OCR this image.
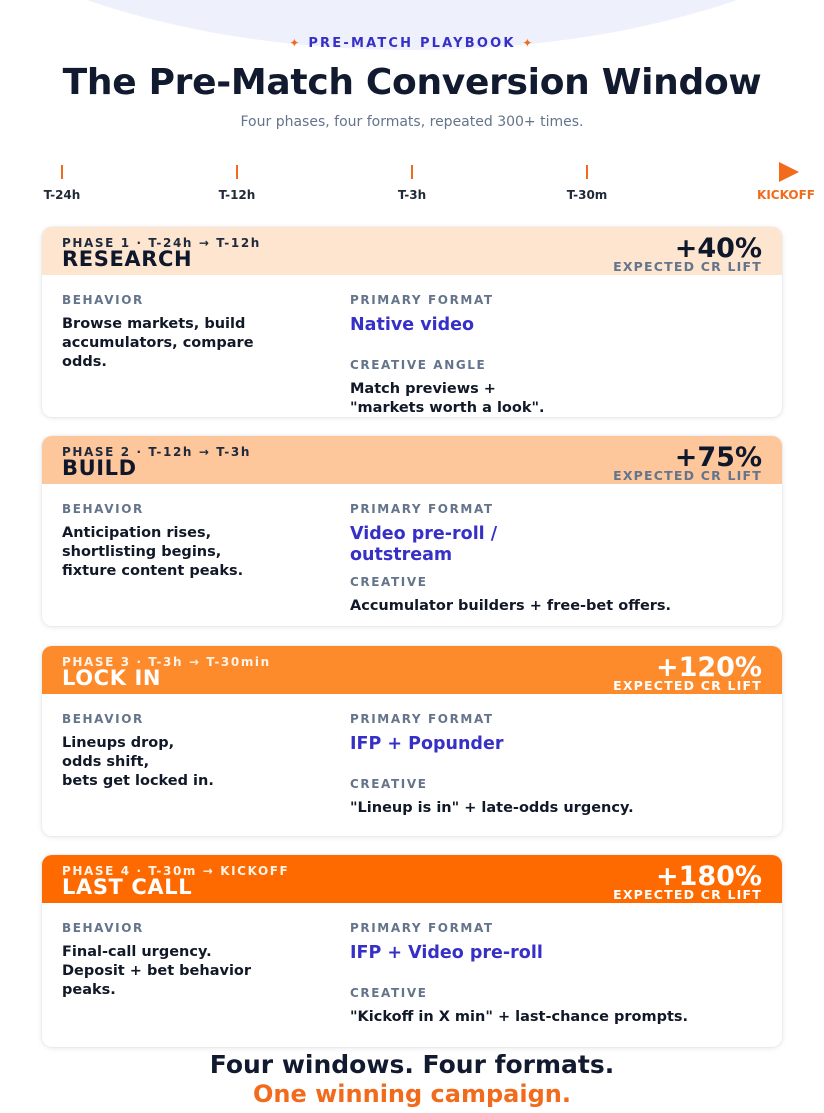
✦ PRE-MATCH PLAYBOOK ✦
The Pre-Match Conversion Window
Four phases, four formats, repeated 300+ times.
T-24h	T-12h	T-3h	T-30m	KICKOFF
PHASE 1 · T-24h → T-12h
RESEARCH	+40%
EXPECTED CR LIFT
BEHAVIOR
Browse markets, build
accumulators, compare
odds.
PRIMARY FORMAT
Native video
CREATIVE ANGLE
Match previews +
"markets worth a look".
PHASE 2 · T-12h → T-3h
BUILD	+75%
EXPECTED CR LIFT
BEHAVIOR
Anticipation rises,
shortlisting begins,
fixture content peaks.
PRIMARY FORMAT
Video pre-roll /
outstream
CREATIVE
Accumulator builders + free-bet offers.
PHASE 3 · T-3h → T-30min
LOCK IN	+120%
EXPECTED CR LIFT
BEHAVIOR
Lineups drop,
odds shift,
bets get locked in.
PRIMARY FORMAT
IFP + Popunder
CREATIVE
"Lineup is in" + late-odds urgency.
PHASE 4 · T-30m → KICKOFF
LAST CALL	+180%
EXPECTED CR LIFT
BEHAVIOR
Final-call urgency.
Deposit + bet behavior
peaks.
PRIMARY FORMAT
IFP + Video pre-roll
CREATIVE
"Kickoff in X min" + last-chance prompts.
Four windows. Four formats.
One winning campaign.
